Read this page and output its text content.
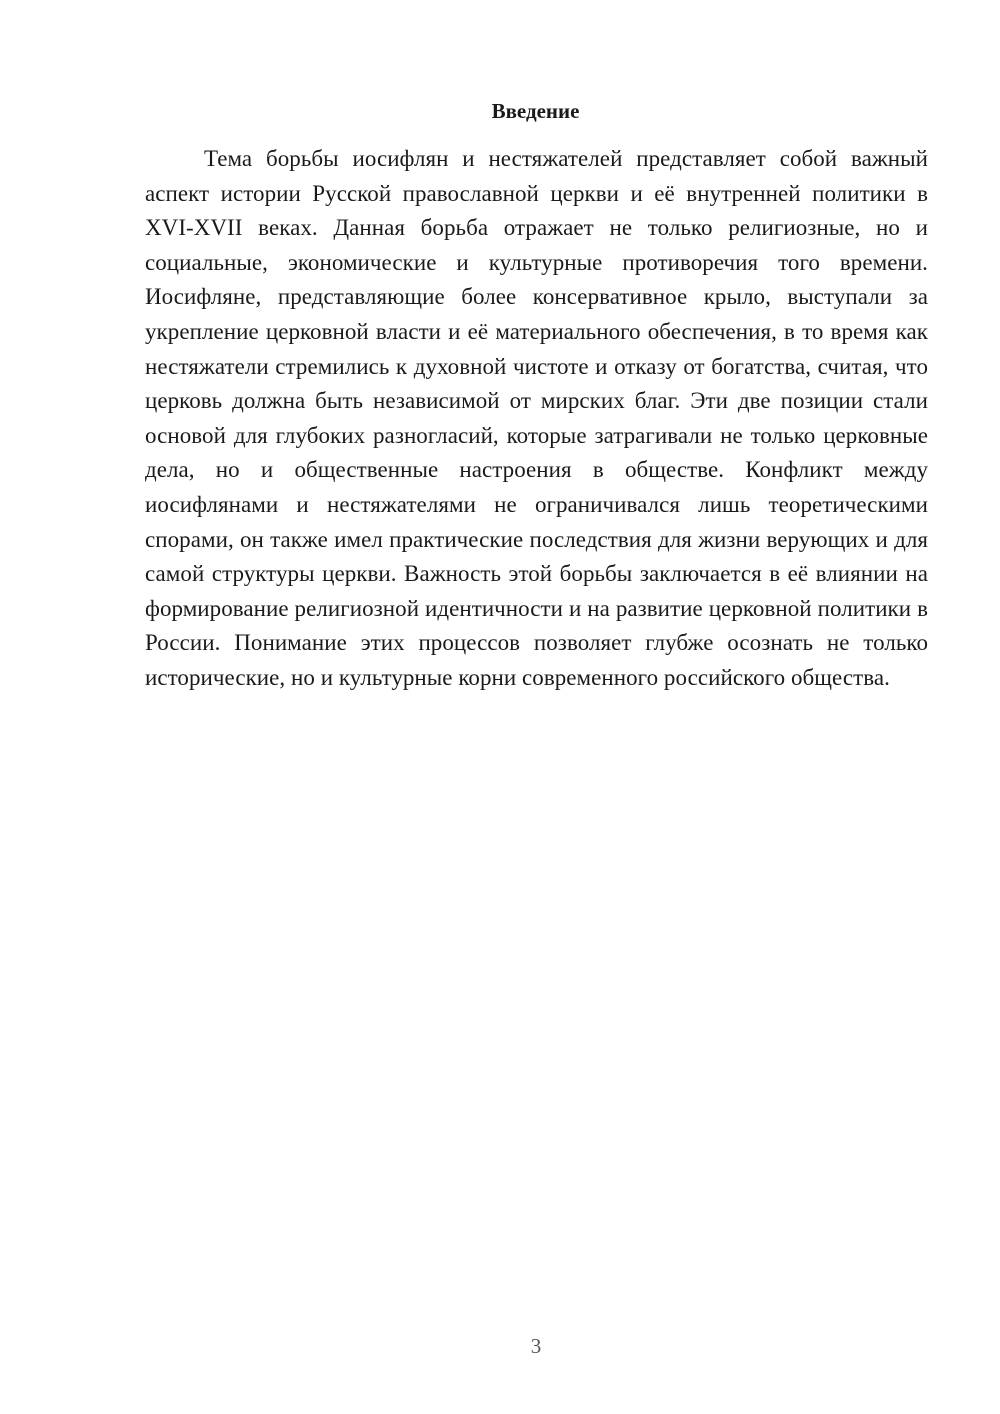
Введение

Тема борьбы иосифлян и нестяжателей представляет собой важный аспект истории Русской православной церкви и её внутренней политики в XVI-XVII веках. Данная борьба отражает не только религиозные, но и социальные, экономические и культурные противоречия того времени. Иосифляне, представляющие более консервативное крыло, выступали за укрепление церковной власти и её материального обеспечения, в то время как нестяжатели стремились к духовной чистоте и отказу от богатства, считая, что церковь должна быть независимой от мирских благ. Эти две позиции стали основой для глубоких разногласий, которые затрагивали не только церковные дела, но и общественные настроения в обществе. Конфликт между иосифлянами и нестяжателями не ограничивался лишь теоретическими спорами, он также имел практические последствия для жизни верующих и для самой структуры церкви. Важность этой борьбы заключается в её влиянии на формирование религиозной идентичности и на развитие церковной политики в России. Понимание этих процессов позволяет глубже осознать не только исторические, но и культурные корни современного российского общества.

3
